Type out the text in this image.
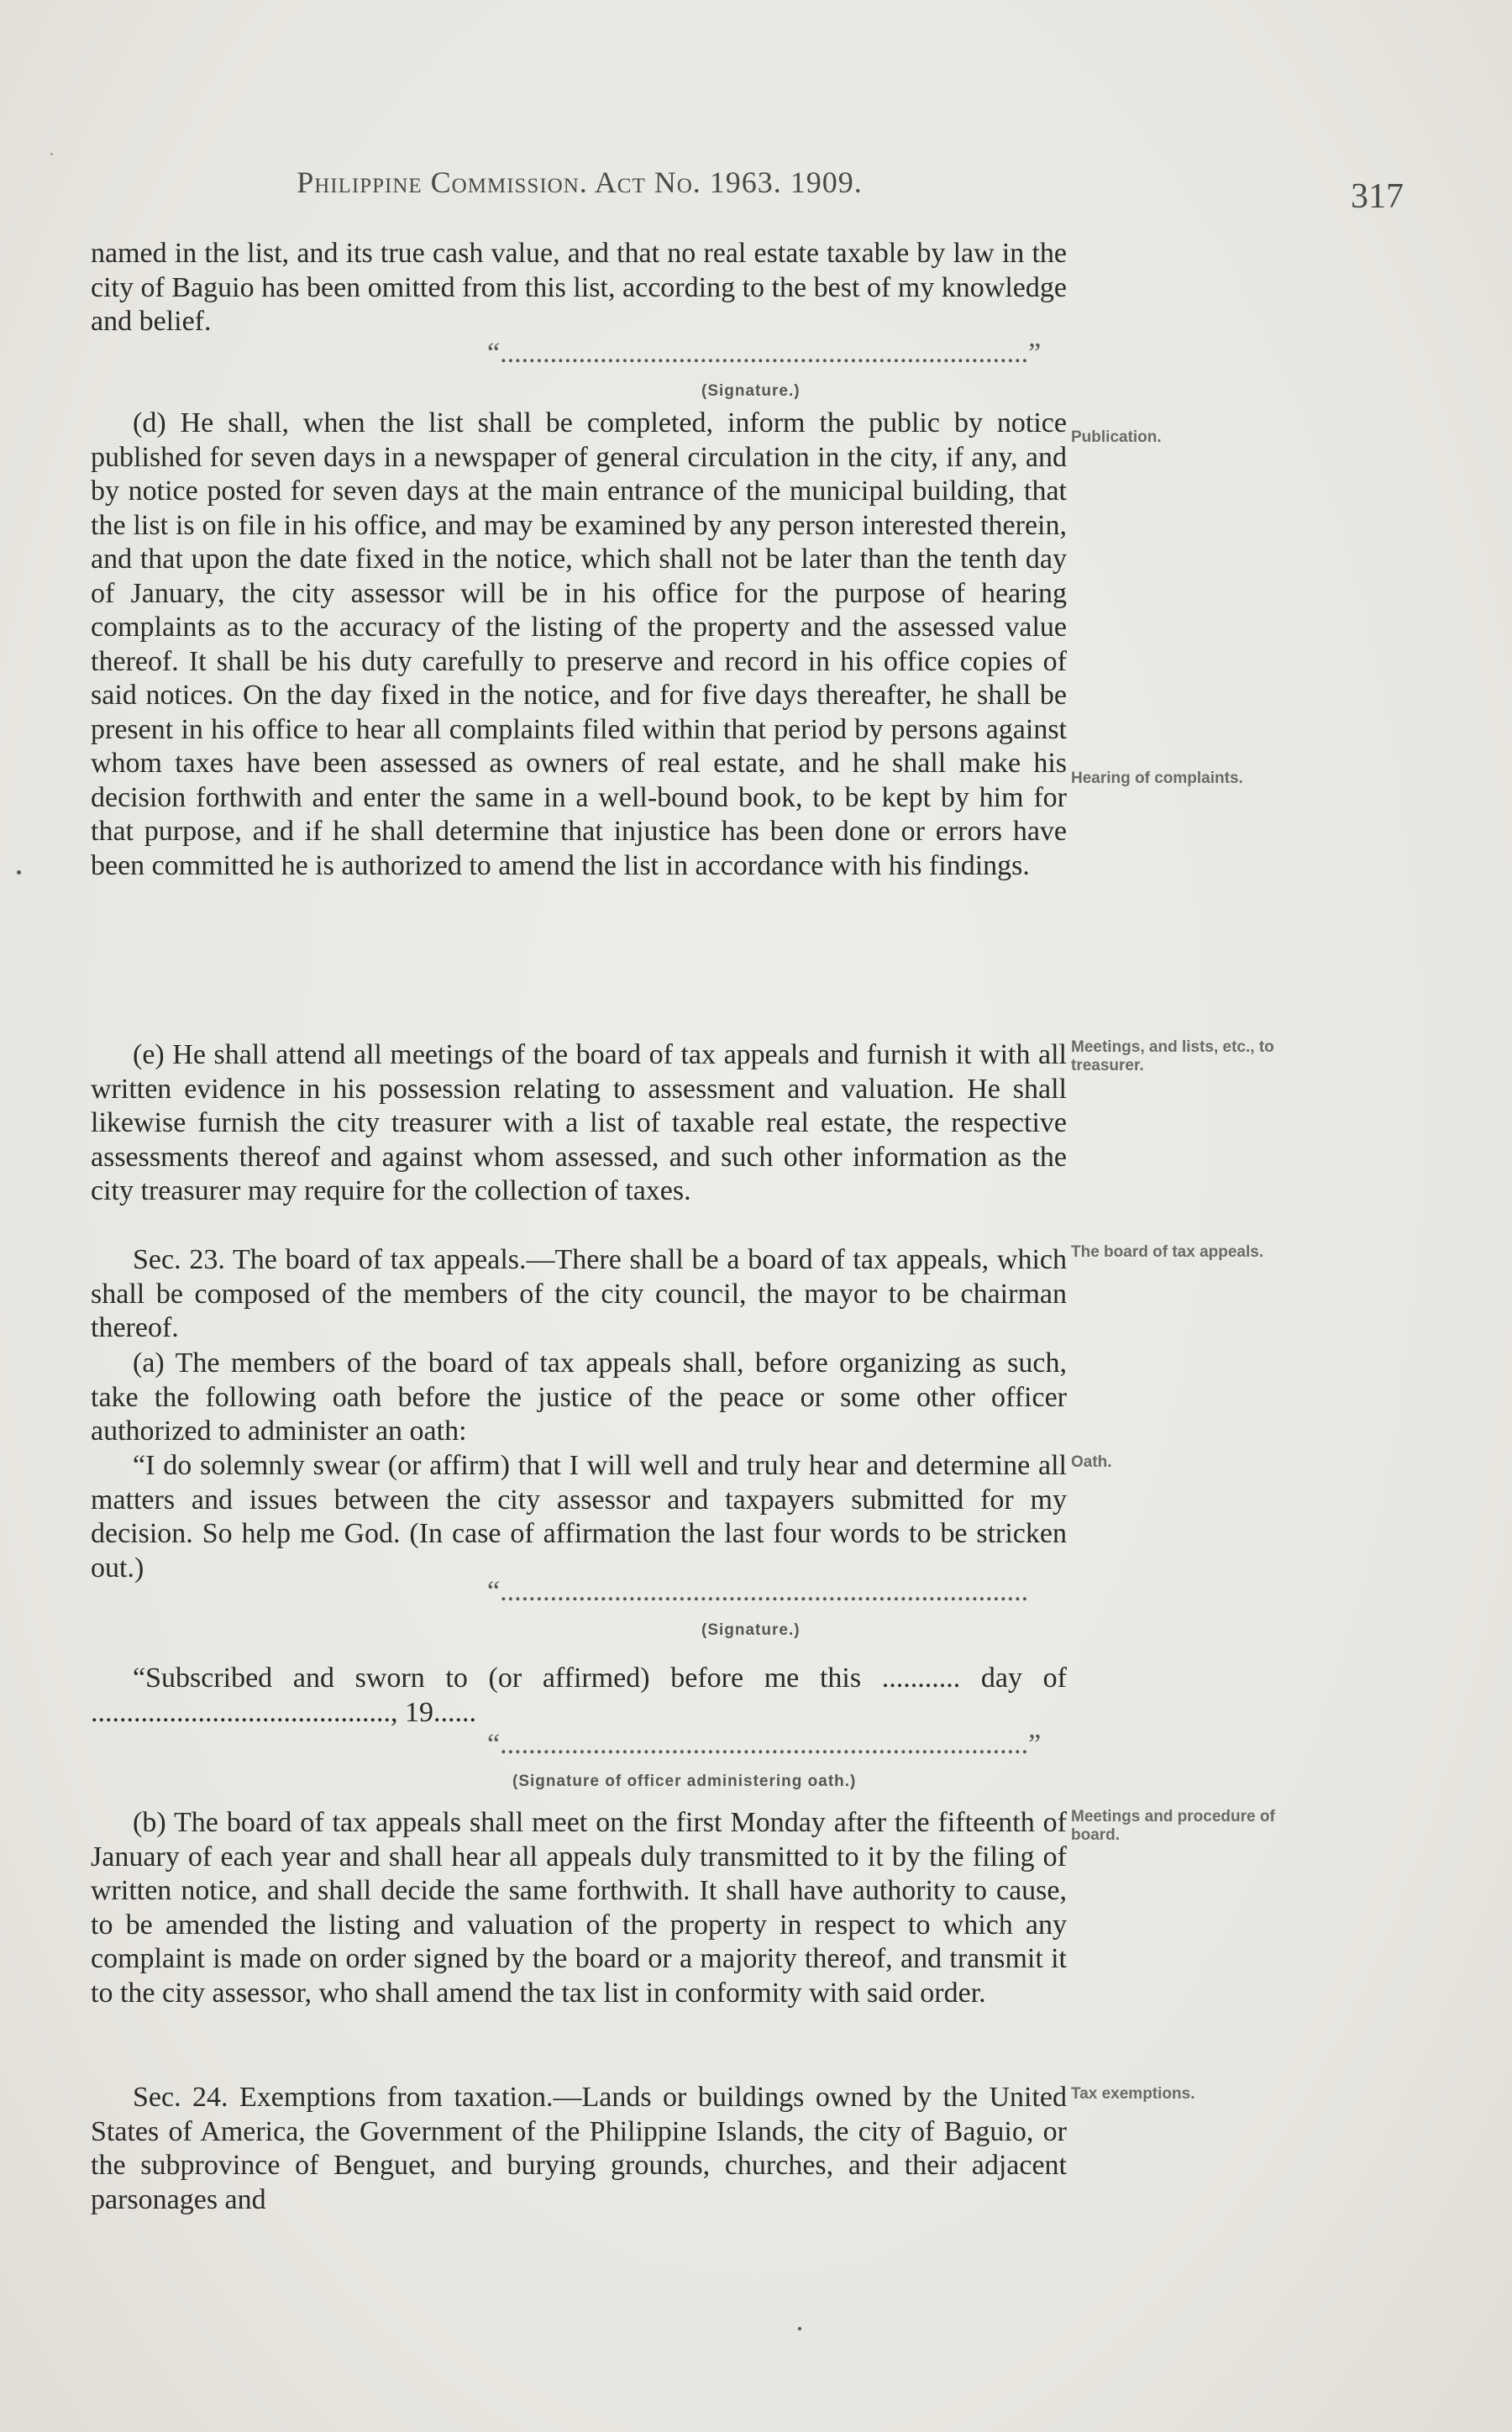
Philippine Commission. Act No. 1963. 1909.	317

named in the list, and its true cash value, and that no real estate taxable by law in the city of Baguio has been omitted from this list, according to the best of my knowledge and belief.

“..........................................................................”
(Signature.)

(d) He shall, when the list shall be completed, inform the public by notice published for seven days in a newspaper of general circulation in the city, if any, and by notice posted for seven days at the main entrance of the municipal building, that the list is on file in his office, and may be examined by any person interested therein, and that upon the date fixed in the notice, which shall not be later than the tenth day of January, the city assessor will be in his office for the purpose of hearing complaints as to the accuracy of the listing of the property and the assessed value thereof. It shall be his duty carefully to preserve and record in his office copies of said notices. On the day fixed in the notice, and for five days thereafter, he shall be present in his office to hear all complaints filed within that period by persons against whom taxes have been assessed as owners of real estate, and he shall make his decision forthwith and enter the same in a well-bound book, to be kept by him for that purpose, and if he shall determine that injustice has been done or errors have been committed he is authorized to amend the list in accordance with his findings.

(e) He shall attend all meetings of the board of tax appeals and furnish it with all written evidence in his possession relating to assessment and valuation. He shall likewise furnish the city treasurer with a list of taxable real estate, the respective assessments thereof and against whom assessed, and such other information as the city treasurer may require for the collection of taxes.

Sec. 23. The board of tax appeals.—There shall be a board of tax appeals, which shall be composed of the members of the city council, the mayor to be chairman thereof.

(a) The members of the board of tax appeals shall, before organizing as such, take the following oath before the justice of the peace or some other officer authorized to administer an oath:

“I do solemnly swear (or affirm) that I will well and truly hear and determine all matters and issues between the city assessor and taxpayers submitted for my decision. So help me God. (In case of affirmation the last four words to be stricken out.)

“..........................................................................
(Signature.)

“Subscribed and sworn to (or affirmed) before me this ........... day of .........................................., 19......

“..........................................................................”
(Signature of officer administering oath.)

(b) The board of tax appeals shall meet on the first Monday after the fifteenth of January of each year and shall hear all appeals duly transmitted to it by the filing of written notice, and shall decide the same forthwith. It shall have authority to cause, to be amended the listing and valuation of the property in respect to which any complaint is made on order signed by the board or a majority thereof, and transmit it to the city assessor, who shall amend the tax list in conformity with said order.

Sec. 24. Exemptions from taxation.—Lands or buildings owned by the United States of America, the Government of the Philippine Islands, the city of Baguio, or the subprovince of Benguet, and burying grounds, churches, and their adjacent parsonages and

Publication.
Hearing of complaints.
Meetings, and lists, etc., to treasurer.
The board of tax appeals.
Oath.
Meetings and procedure of board.
Tax exemptions.
